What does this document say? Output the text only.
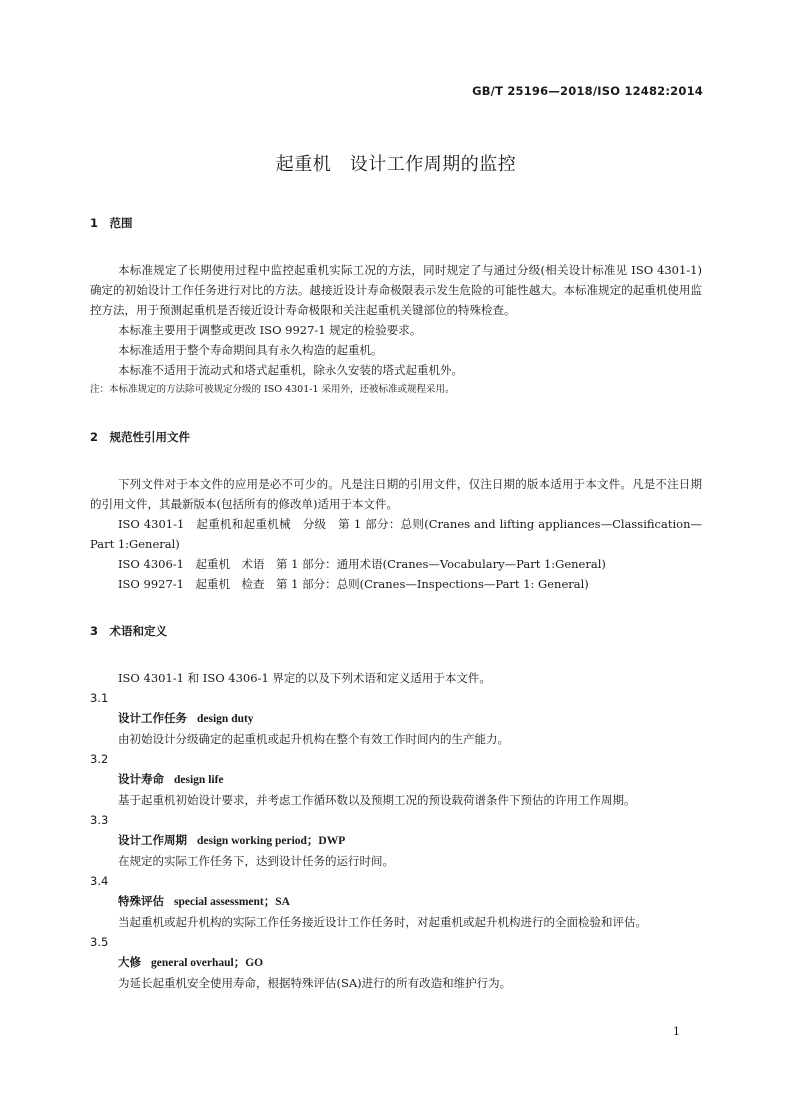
GB/T 25196—2018/ISO 12482:2014
起重机　设计工作周期的监控
1　范围
本标准规定了长期使用过程中监控起重机实际工况的方法，同时规定了与通过分级(相关设计标准见 ISO 4301-1)确定的初始设计工作任务进行对比的方法。越接近设计寿命极限表示发生危险的可能性越大。本标准规定的起重机使用监控方法，用于预测起重机是否接近设计寿命极限和关注起重机关键部位的特殊检查。
本标准主要用于调整或更改 ISO 9927-1 规定的检验要求。
本标准适用于整个寿命期间具有永久构造的起重机。
本标准不适用于流动式和塔式起重机，除永久安装的塔式起重机外。
注：本标准规定的方法除可被规定分级的 ISO 4301-1 采用外，还被标准或规程采用。
2　规范性引用文件
下列文件对于本文件的应用是必不可少的。凡是注日期的引用文件，仅注日期的版本适用于本文件。凡是不注日期的引用文件，其最新版本(包括所有的修改单)适用于本文件。
ISO 4301-1　起重机和起重机械　分级　第 1 部分：总则(Cranes and lifting appliances—Classification—Part 1:General)
ISO 4306-1　起重机　术语　第 1 部分：通用术语(Cranes—Vocabulary—Part 1:General)
ISO 9927-1　起重机　检查　第 1 部分：总则(Cranes—Inspections—Part 1: General)
3　术语和定义
ISO 4301-1 和 ISO 4306-1 界定的以及下列术语和定义适用于本文件。
3.1
设计工作任务 design duty
由初始设计分级确定的起重机或起升机构在整个有效工作时间内的生产能力。
3.2
设计寿命 design life
基于起重机初始设计要求，并考虑工作循环数以及预期工况的预设载荷谱条件下预估的许用工作周期。
3.3
设计工作周期 design working period；DWP
在规定的实际工作任务下，达到设计任务的运行时间。
3.4
特殊评估 special assessment；SA
当起重机或起升机构的实际工作任务接近设计工作任务时，对起重机或起升机构进行的全面检验和评估。
3.5
大修 general overhaul；GO
为延长起重机安全使用寿命，根据特殊评估(SA)进行的所有改造和维护行为。
1
